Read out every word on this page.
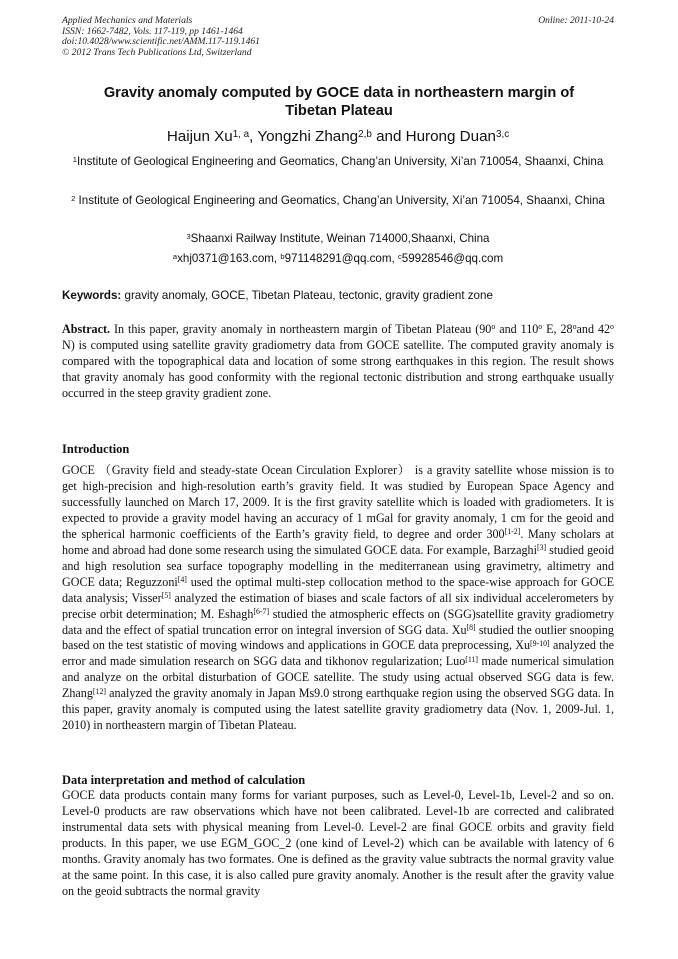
Applied Mechanics and Materials
ISSN: 1662-7482, Vols. 117-119, pp 1461-1464
doi:10.4028/www.scientific.net/AMM.117-119.1461
© 2012 Trans Tech Publications Ltd, Switzerland
Online: 2011-10-24
Gravity anomaly computed by GOCE data in northeastern margin of
Tibetan Plateau
Haijun Xu$^{1, a}$, Yongzhi Zhang$^{2,b}$ and Hurong Duan$^{3,c}$
$^1$Institute of Geological Engineering and Geomatics, Chang’an University, Xi’an 710054, Shaanxi, China
$^2$ Institute of Geological Engineering and Geomatics, Chang’an University, Xi’an 710054, Shaanxi, China
$^3$Shaanxi Railway Institute, Weinan 714000,Shaanxi, China
$^a$xhj0371@163.com, $^b$971148291@qq.com, $^c$59928546@qq.com
Keywords: gravity anomaly, GOCE, Tibetan Plateau, tectonic, gravity gradient zone
Abstract. In this paper, gravity anomaly in northeastern margin of Tibetan Plateau (90$^o$ and 110$^o$ E, 28$^o$and 42$^o$ N) is computed using satellite gravity gradiometry data from GOCE satellite. The computed gravity anomaly is compared with the topographical data and location of some strong earthquakes in this region. The result shows that gravity anomaly has good conformity with the regional tectonic distribution and strong earthquake usually occurred in the steep gravity gradient zone.
Introduction
GOCE （Gravity field and steady-state Ocean Circulation Explorer） is a gravity satellite whose mission is to get high-precision and high-resolution earth’s gravity field. It was studied by European Space Agency and successfully launched on March 17, 2009. It is the first gravity satellite which is loaded with gradiometers. It is expected to provide a gravity model having an accuracy of 1 mGal for gravity anomaly, 1 cm for the geoid and the spherical harmonic coefficients of the Earth’s gravity field, to degree and order 300[1-2]. Many scholars at home and abroad had done some research using the simulated GOCE data. For example, Barzaghi[3] studied geoid and high resolution sea surface topography modelling in the mediterranean using gravimetry, altimetry and GOCE data; Reguzzoni[4] used the optimal multi-step collocation method to the space-wise approach for GOCE data analysis; Visser[5] analyzed the estimation of biases and scale factors of all six individual accelerometers by precise orbit determination; M. Eshagh[6-7] studied the atmospheric effects on (SGG)satellite gravity gradiometry data and the effect of spatial truncation error on integral inversion of SGG data. Xu[8] studied the outlier snooping based on the test statistic of moving windows and applications in GOCE data preprocessing, Xu[9-10] analyzed the error and made simulation research on SGG data and tikhonov regularization; Luo[11] made numerical simulation and analyze on the orbital disturbation of GOCE satellite. The study using actual observed SGG data is few. Zhang[12] analyzed the gravity anomaly in Japan Ms9.0 strong earthquake region using the observed SGG data. In this paper, gravity anomaly is computed using the latest satellite gravity gradiometry data (Nov. 1, 2009-Jul. 1, 2010) in northeastern margin of Tibetan Plateau.
Data interpretation and method of calculation
GOCE data products contain many forms for variant purposes, such as Level-0, Level-1b, Level-2 and so on. Level-0 products are raw observations which have not been calibrated. Level-1b are corrected and calibrated instrumental data sets with physical meaning from Level-0. Level-2 are final GOCE orbits and gravity field products. In this paper, we use EGM_GOC_2 (one kind of Level-2) which can be available with latency of 6 months. Gravity anomaly has two formates. One is defined as the gravity value subtracts the normal gravity value at the same point. In this case, it is also called pure gravity anomaly. Another is the result after the gravity value on the geoid subtracts the normal gravity
